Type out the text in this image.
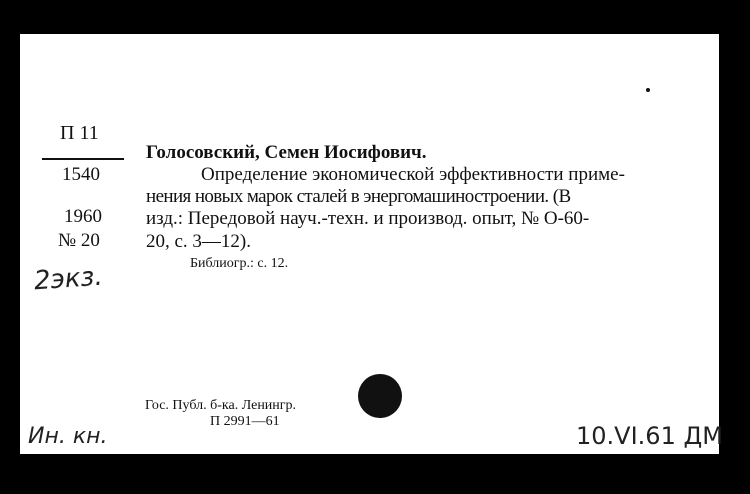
П 11
1540
1960
№ 20
2экз.
Голосовский, Семен Иосифович.
Определение экономической эффективности приме-
нения новых марок сталей в энергомашиностроении. (В
изд.: Передовой науч.-техн. и производ. опыт, № О-60-
20, с. 3—12).
Библиогр.: с. 12.
Гос. Публ. б-ка. Ленингр.
П 2991—61
Ин. кн.	10.VI.61 ДМ
